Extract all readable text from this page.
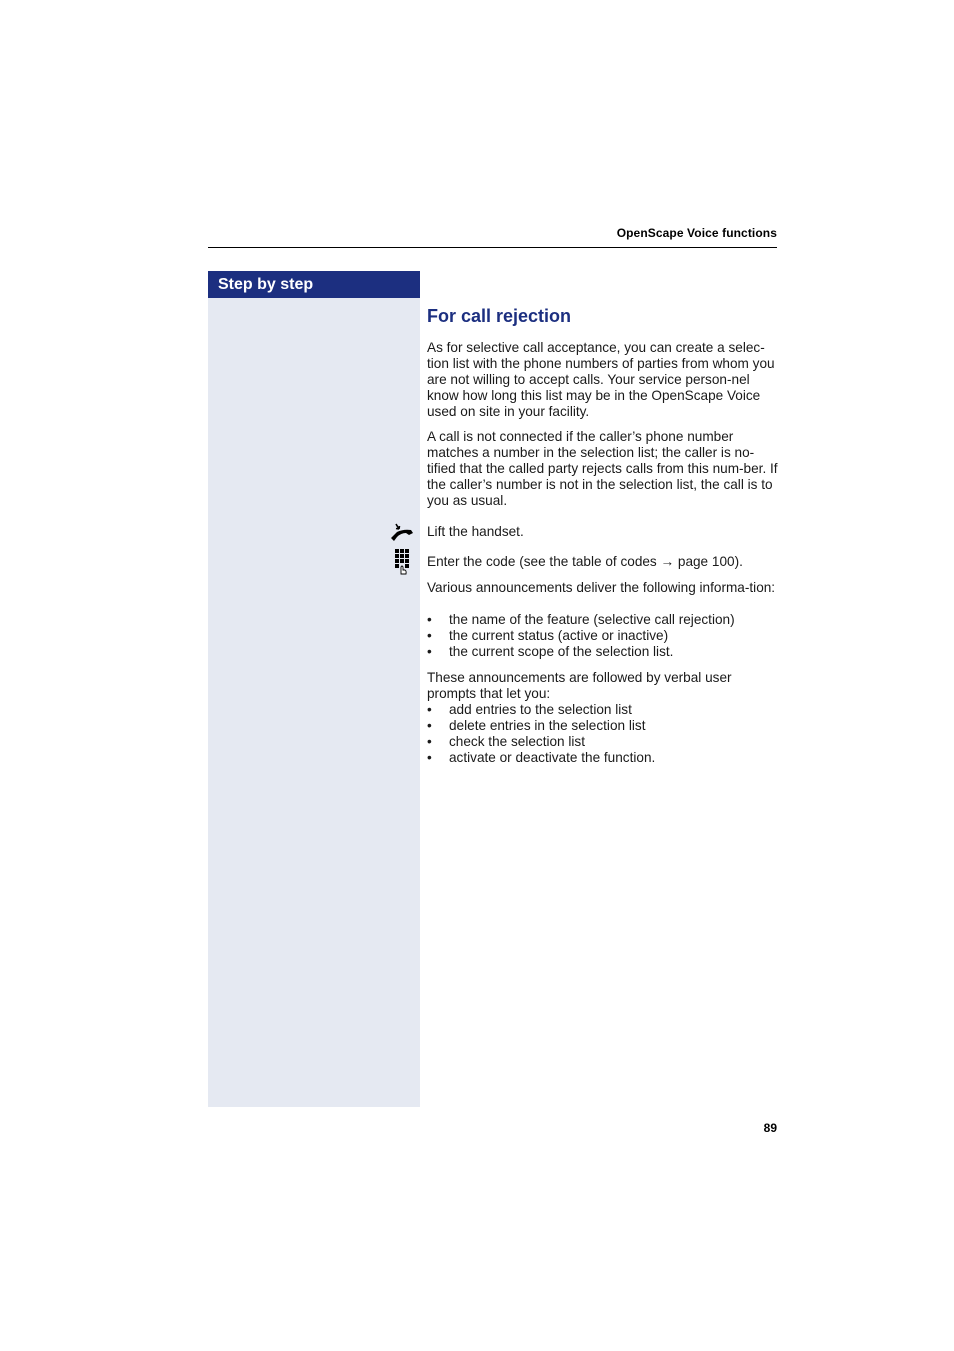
OpenScape Voice functions
Step by step
For call rejection

As for selective call acceptance, you can create a selec-tion list with the phone numbers of parties from whom you are not willing to accept calls. Your service person-nel know how long this list may be in the OpenScape Voice used on site in your facility.

A call is not connected if the caller’s phone number matches a number in the selection list; the caller is no-tified that the called party rejects calls from this num-ber. If the caller’s number is not in the selection list, the call is to you as usual.

Lift the handset.
Enter the code (see the table of codes → page 100).

Various announcements deliver the following informa-tion:

• the name of the feature (selective call rejection)
• the current status (active or inactive)
• the current scope of the selection list.

These announcements are followed by verbal user prompts that let you:

• add entries to the selection list
• delete entries in the selection list
• check the selection list
• activate or deactivate the function.
89
